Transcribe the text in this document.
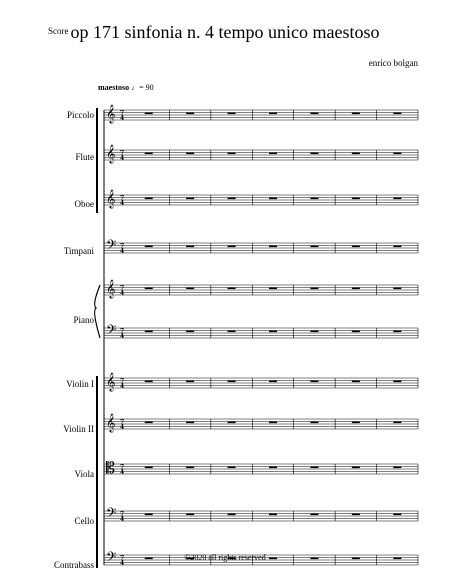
Score op 171 sinfonia n. 4 tempo unico maestoso
enrico bolgan
maestoso ♩= 90
Piccolo
Flute
Oboe
Timpani
Piano
Violin I
Violin II
Viola
Cello
Contrabass
𝄞 7
4
𝄞 7
4
𝄞 7
4
𝄢 7
4
𝄞 7
4
𝄢 7
4
𝄞 7
4
𝄞 7
4
𝄡 7
4
𝄢 7
4
𝄢 7
4
©2020 all rights reserved
